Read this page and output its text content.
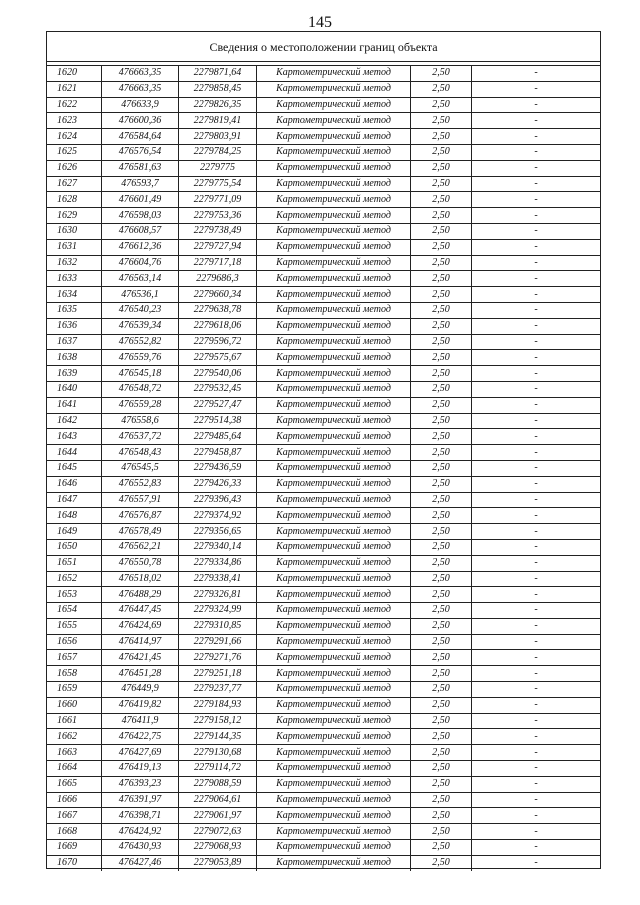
145
Сведения о местоположении границ объекта
1620	476663,35	2279871,64	Картометрический метод	2,50	-
1621	476663,35	2279858,45	Картометрический метод	2,50	-
1622	476633,9	2279826,35	Картометрический метод	2,50	-
1623	476600,36	2279819,41	Картометрический метод	2,50	-
1624	476584,64	2279803,91	Картометрический метод	2,50	-
1625	476576,54	2279784,25	Картометрический метод	2,50	-
1626	476581,63	2279775	Картометрический метод	2,50	-
1627	476593,7	2279775,54	Картометрический метод	2,50	-
1628	476601,49	2279771,09	Картометрический метод	2,50	-
1629	476598,03	2279753,36	Картометрический метод	2,50	-
1630	476608,57	2279738,49	Картометрический метод	2,50	-
1631	476612,36	2279727,94	Картометрический метод	2,50	-
1632	476604,76	2279717,18	Картометрический метод	2,50	-
1633	476563,14	2279686,3	Картометрический метод	2,50	-
1634	476536,1	2279660,34	Картометрический метод	2,50	-
1635	476540,23	2279638,78	Картометрический метод	2,50	-
1636	476539,34	2279618,06	Картометрический метод	2,50	-
1637	476552,82	2279596,72	Картометрический метод	2,50	-
1638	476559,76	2279575,67	Картометрический метод	2,50	-
1639	476545,18	2279540,06	Картометрический метод	2,50	-
1640	476548,72	2279532,45	Картометрический метод	2,50	-
1641	476559,28	2279527,47	Картометрический метод	2,50	-
1642	476558,6	2279514,38	Картометрический метод	2,50	-
1643	476537,72	2279485,64	Картометрический метод	2,50	-
1644	476548,43	2279458,87	Картометрический метод	2,50	-
1645	476545,5	2279436,59	Картометрический метод	2,50	-
1646	476552,83	2279426,33	Картометрический метод	2,50	-
1647	476557,91	2279396,43	Картометрический метод	2,50	-
1648	476576,87	2279374,92	Картометрический метод	2,50	-
1649	476578,49	2279356,65	Картометрический метод	2,50	-
1650	476562,21	2279340,14	Картометрический метод	2,50	-
1651	476550,78	2279334,86	Картометрический метод	2,50	-
1652	476518,02	2279338,41	Картометрический метод	2,50	-
1653	476488,29	2279326,81	Картометрический метод	2,50	-
1654	476447,45	2279324,99	Картометрический метод	2,50	-
1655	476424,69	2279310,85	Картометрический метод	2,50	-
1656	476414,97	2279291,66	Картометрический метод	2,50	-
1657	476421,45	2279271,76	Картометрический метод	2,50	-
1658	476451,28	2279251,18	Картометрический метод	2,50	-
1659	476449,9	2279237,77	Картометрический метод	2,50	-
1660	476419,82	2279184,93	Картометрический метод	2,50	-
1661	476411,9	2279158,12	Картометрический метод	2,50	-
1662	476422,75	2279144,35	Картометрический метод	2,50	-
1663	476427,69	2279130,68	Картометрический метод	2,50	-
1664	476419,13	2279114,72	Картометрический метод	2,50	-
1665	476393,23	2279088,59	Картометрический метод	2,50	-
1666	476391,97	2279064,61	Картометрический метод	2,50	-
1667	476398,71	2279061,97	Картометрический метод	2,50	-
1668	476424,92	2279072,63	Картометрический метод	2,50	-
1669	476430,93	2279068,93	Картометрический метод	2,50	-
1670	476427,46	2279053,89	Картометрический метод	2,50	-
